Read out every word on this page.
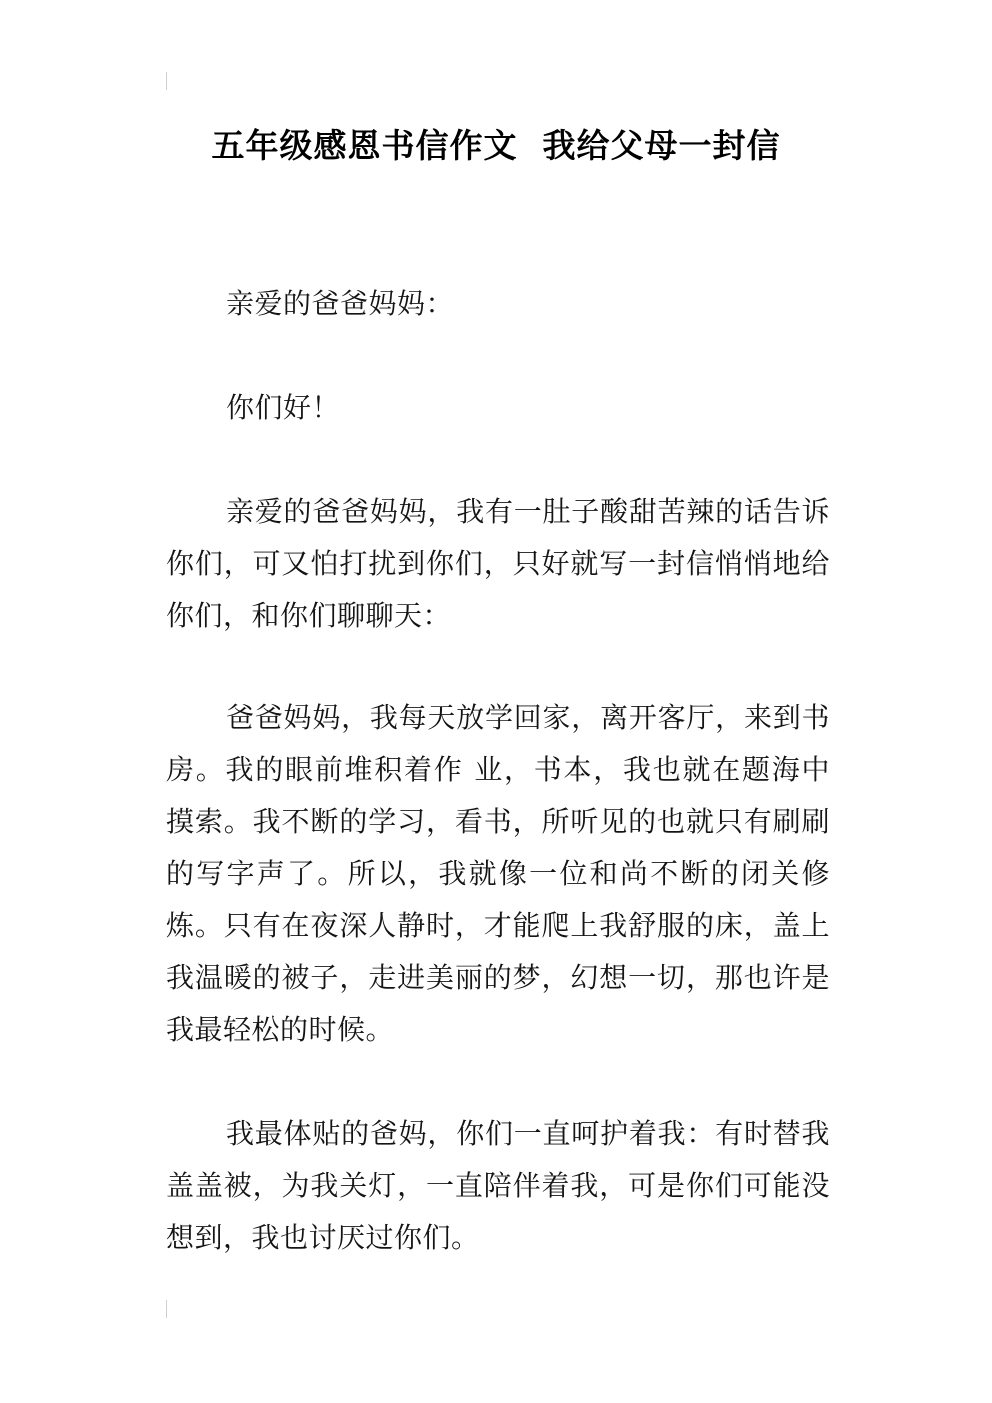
五年级感恩书信作文  我给父母一封信
亲爱的爸爸妈妈：
你们好！
亲爱的爸爸妈妈，我有一肚子酸甜苦辣的话告诉你们，可又怕打扰到你们，只好就写一封信悄悄地给你们，和你们聊聊天：
爸爸妈妈，我每天放学回家，离开客厅，来到书房。我的眼前堆积着作 业，书本，我也就在题海中摸索。我不断的学习，看书，所听见的也就只有刷刷的写字声了。所以，我就像一位和尚不断的闭关修炼。只有在夜深人静时，才能爬上我舒服的床，盖上我温暖的被子，走进美丽的梦，幻想一切，那也许是我最轻松的时候。
我最体贴的爸妈，你们一直呵护着我：有时替我盖盖被，为我关灯，一直陪伴着我，可是你们可能没想到，我也讨厌过你们。
